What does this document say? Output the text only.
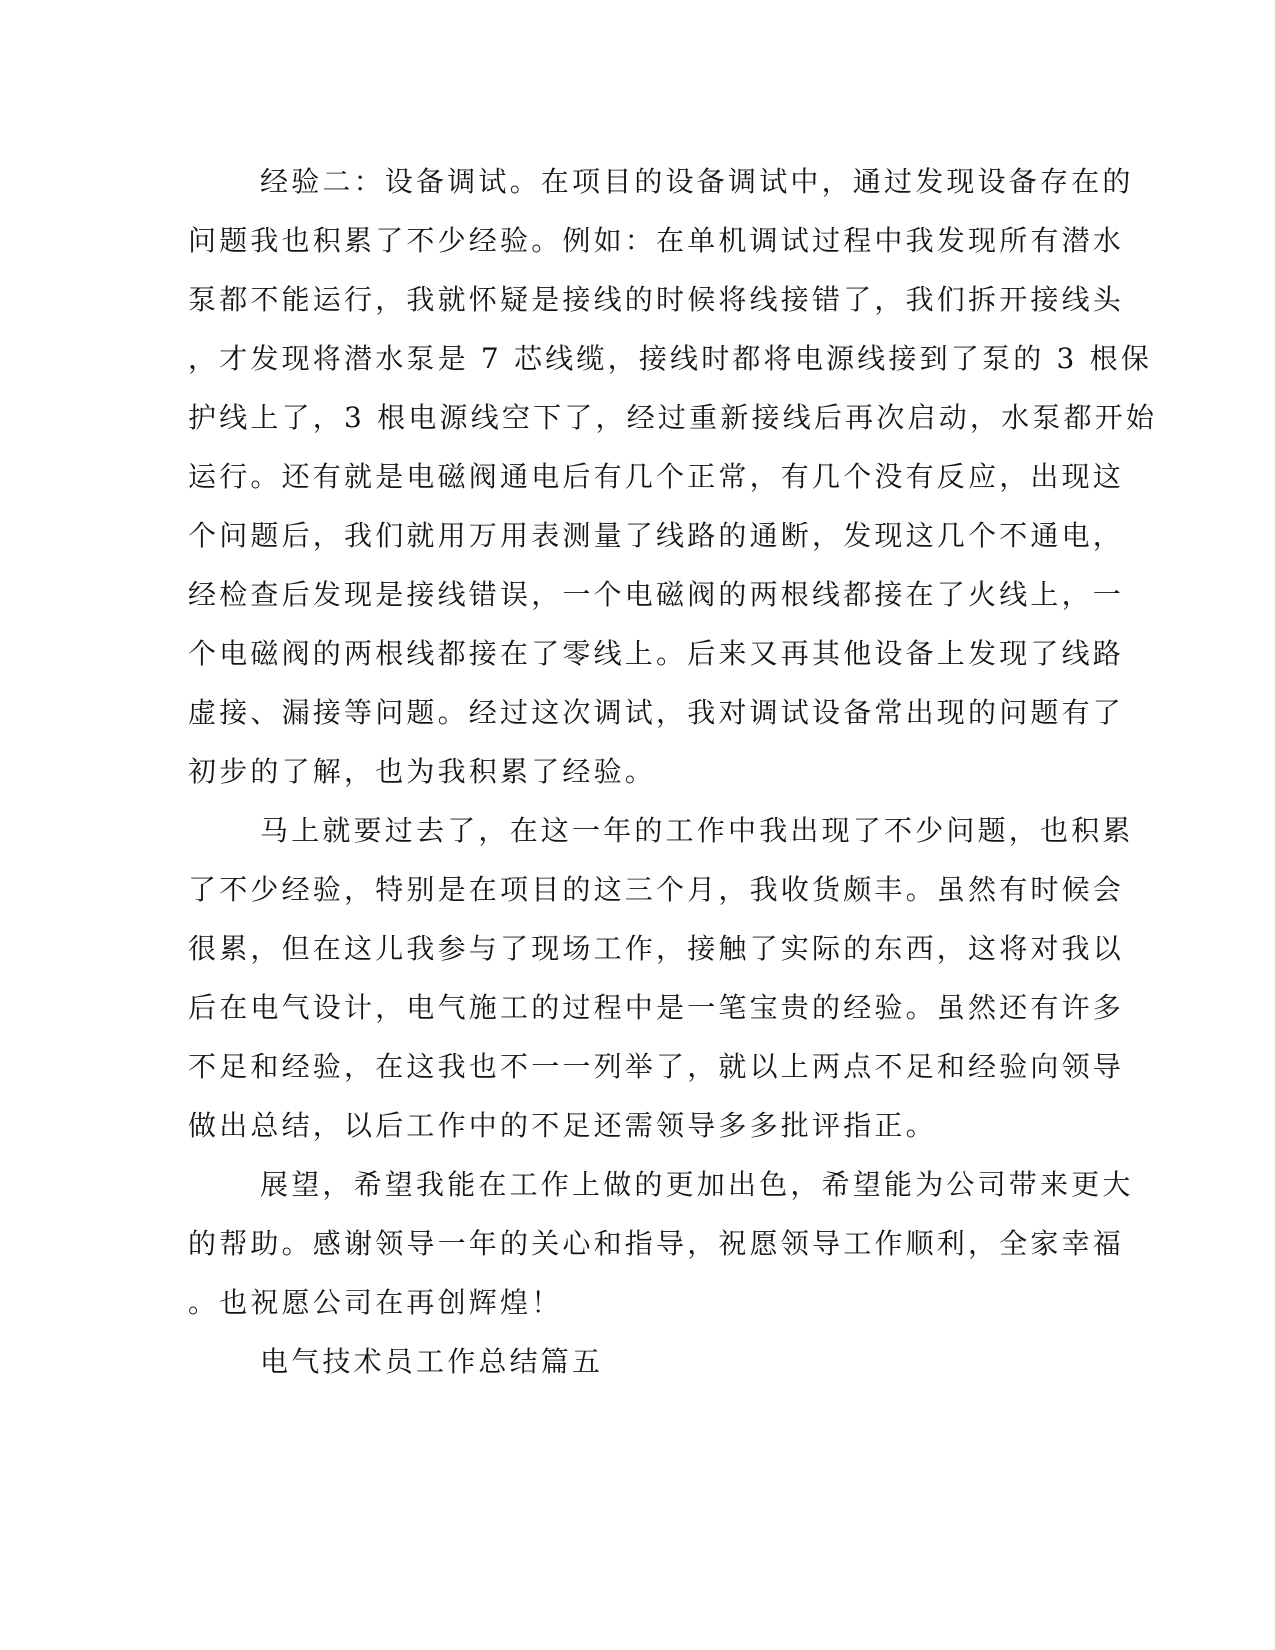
经验二：设备调试。在项目的设备调试中，通过发现设备存在的
问题我也积累了不少经验。例如：在单机调试过程中我发现所有潜水
泵都不能运行，我就怀疑是接线的时候将线接错了，我们拆开接线头
，才发现将潜水泵是 7 芯线缆，接线时都将电源线接到了泵的 3 根保
护线上了，3 根电源线空下了，经过重新接线后再次启动，水泵都开始
运行。还有就是电磁阀通电后有几个正常，有几个没有反应，出现这
个问题后，我们就用万用表测量了线路的通断，发现这几个不通电，
经检查后发现是接线错误，一个电磁阀的两根线都接在了火线上，一
个电磁阀的两根线都接在了零线上。后来又再其他设备上发现了线路
虚接、漏接等问题。经过这次调试，我对调试设备常出现的问题有了
初步的了解，也为我积累了经验。
马上就要过去了，在这一年的工作中我出现了不少问题，也积累
了不少经验，特别是在项目的这三个月，我收货颇丰。虽然有时候会
很累，但在这儿我参与了现场工作，接触了实际的东西，这将对我以
后在电气设计，电气施工的过程中是一笔宝贵的经验。虽然还有许多
不足和经验，在这我也不一一列举了，就以上两点不足和经验向领导
做出总结，以后工作中的不足还需领导多多批评指正。
展望，希望我能在工作上做的更加出色，希望能为公司带来更大
的帮助。感谢领导一年的关心和指导，祝愿领导工作顺利，全家幸福
。也祝愿公司在再创辉煌！
电气技术员工作总结篇五
